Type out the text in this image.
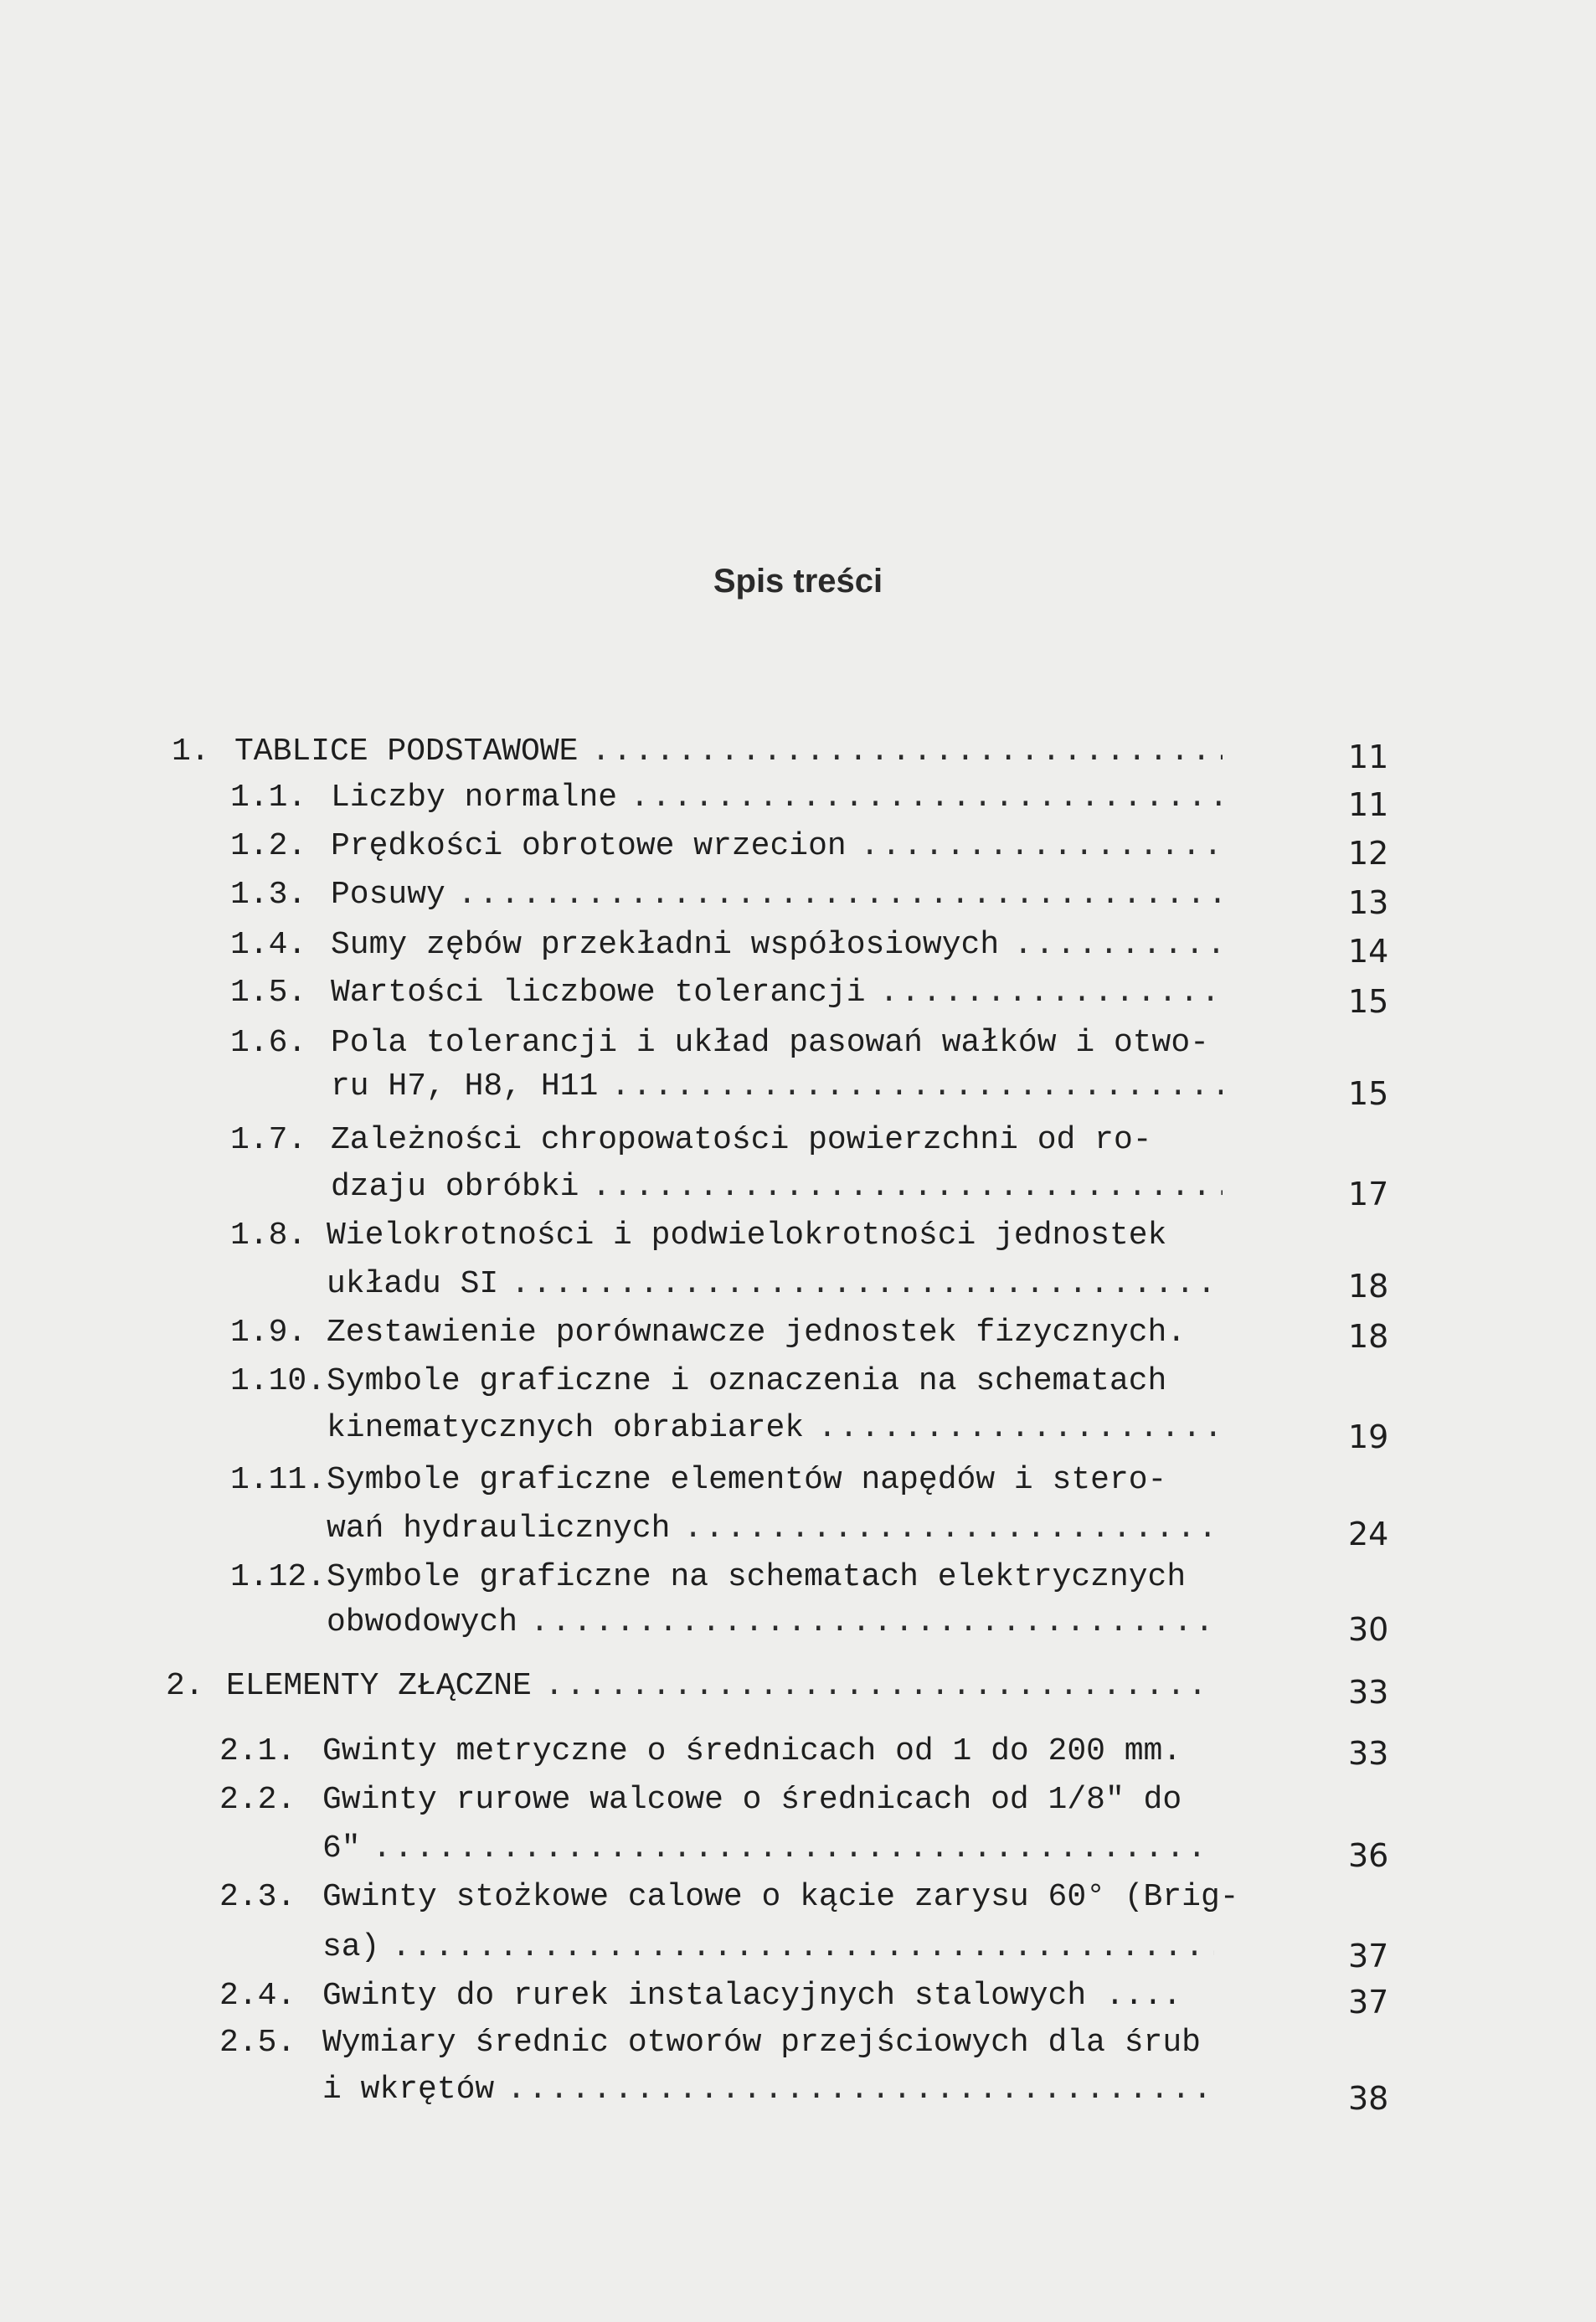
Spis treści
1. TABLICE PODSTAWOWE . . .	11
1.1. Liczby normalne . . .	11
1.2. Prędkości obrotowe wrzecion . . .	12
1.3. Posuwy . . .	13
1.4. Sumy zębów przekładni współosiowych . . .	14
1.5. Wartości liczbowe tolerancji . . .	15
1.6. Pola tolerancji i układ pasowań wałków i otwo-
ru H7, H8, H11 . . .	15
1.7. Zależności chropowatości powierzchni od ro-
dzaju obróbki . . .	17
1.8. Wielokrotności i podwielokrotności jednostek
układu SI . . .	18
1.9. Zestawienie porównawcze jednostek fizycznych.	18
1.10. Symbole graficzne i oznaczenia na schematach
kinematycznych obrabiarek . . .	19
1.11. Symbole graficzne elementów napędów i stero-
wań hydraulicznych . . .	24
1.12. Symbole graficzne na schematach elektrycznych
obwodowych . . .	30
2. ELEMENTY ZŁĄCZNE . . .	33
2.1. Gwinty metryczne o średnicach od 1 do 200 mm.	33
2.2. Gwinty rurowe walcowe o średnicach od 1/8" do
6" . . .	36
2.3. Gwinty stożkowe calowe o kącie zarysu 60° (Brig-
sa) . . .	37
2.4. Gwinty do rurek instalacyjnych stalowych ....	37
2.5. Wymiary średnic otworów przejściowych dla śrub
i wkrętów . . .	38
